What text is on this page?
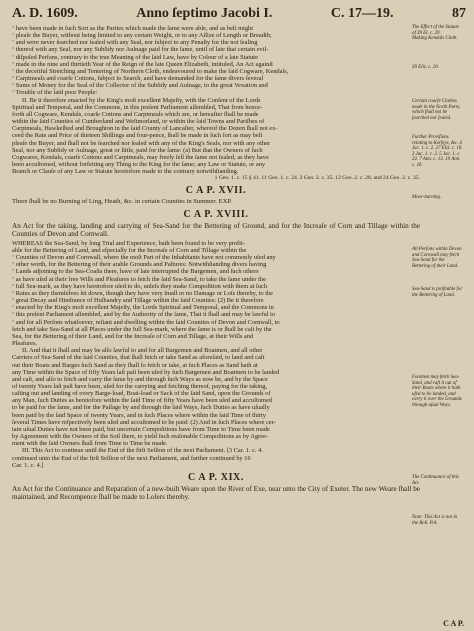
A. D. 1609.	Anno ſeptimo Jacobi I.	C. 17—19.	87
The Effect of the Statute of 39 El. c. 20.
Making Kendals Cloth.
39 Eliz. c. 20.
Certain coarſe Clothes made in the North Parts, which ſhall not be ſearched nor ſealed.
Further Proviſions relating to Kerſeys, &c. 4 Jac. 1. c. 2. 27 Eliz. c. 18. 3 Jac. 1. c. 2. 5 Jac. 1. c. 22. 7 Ann. c. 13. 10 Ann. c. 16.
Moor-burning.
All Perſons within Devon and Cornwall may fetch Sea-Sand for the Bettering of their Land.
Sea-Sand is profitable for the Bettering of Land.
Footmen may fetch Sea-Sand, and caſt it out of their Boats where it hath uſed to be landed, and carry it over the Grounds through uſual Ways.
The Continuance of this Act.
Note: This Act is not in the Roll. P.A.

ʻ have been made in ſuch Sort as the Parties which made the ſame were able, and as beſt might

ʻ pleaſe the Buyer, without being limited to any certain Weight, or to any Aſſize of Length or Breadth;

ʻ and were never ſearched nor ſealed with any Seal, nor ſubject to any Penalty for the not ſealing

ʻ thereof with any Seal, nor any Subſidy nor Aulnage paid for the ſame, until of late that certain evil-

ʻ diſpoſed Perſons, contrary to the true Meaning of the ſaid Law, have by Colour of a late Statute

ʻ made in the nine and thirtieth Year of the Reign of the late Queen Elizabeth, intituled, An Act againſt

ʻ the deceitful Stretching and Tentering of Northern Cloth, endeavoured to make the ſaid Cogware, Kendals,

ʻ Carptmeals and coarſe Cottons, ſubject to Search, and have demanded for the ſame divers ſeveral

ʻ Sums of Money for the Seal of the Collector of the Subſidy and Aulnage, to the great Vexation and

ʻ Trouble of the ſaid poor People:

II. Be it therefore enacted by the King's moſt excellent Majeſty, with the Conſent of the Lords

Spiritual and Temporal, and the Commons, in this preſent Parliament aſſembled, That from hence-

forth all Cogware, Kendals, coarſe Cottons and Carptmeals which are, or hereafter ſhall be made

within the ſaid Counties of Cumberland and Weſtmorland, or within the ſaid Towns and Pariſhes of

Carptmeals, Hawkeſhed and Broughton in the ſaid County of Lancaſter, whereof the Dozen ſhall not ex-

ceed the Rate and Price of thirteen Shillings and four-pence, ſhall be made in ſuch ſort as may beſt

pleaſe the Buyer, and ſhall not be ſearched nor ſealed with any of the King's Seals, nor with any other

Seal, nor any Subſidy or Aulnage, great or little, paid for the ſame: (a) But that the Owners of ſuch

Cogwares, Kendals, coarſe Cottons and Carptmeals, may freely ſell the ſame not ſealed, as they have

been accuſtomed, without forfeiting any Thing to the King for the ſame; any Law or Statute, or any

Branch or Clauſe of any Law or Statute heretofore made to the contrary notwithſtanding.

1 Geo. 1. c. 15 § 41. 11 Geo. 1. c. 24. 2 Geo. 2. c. 35. 12 Geo. 2. c. 28. and 24 Geo. 2. c. 35.

C A P. XVII.
There ſhall be no Burning of Ling, Heath, &c. in certain Counties in Summer. EXP.
C A P. XVIII.
An Act for the taking, landing and carrying of Sea-Sand for the Bettering of Ground, and for the Increaſe of Corn and Tillage within the Counties of Devon and Cornwall.

WHEREAS the Sea-Sand, by long Trial and Experience, hath been found to be very profit-

able for the Bettering of Land, and eſpecially for the Increaſe of Corn and Tillage within the

ʻ Counties of Devon and Cornwall, where the moſt Part of the Inhabitants have not commonly uſed any

ʻ other worth, for the Bettering of their arable Grounds and Paſtures: Notwithſtanding divers having

ʻ Lands adjoining to the Sea-Coaſts there, have of late interrupted the Bargemen, and ſuch others

ʻ as have uſed at their free Wills and Pleaſures to fetch the ſaid Sea-Sand, to take the ſame under the

ʻ full Sea-mark, as they have heretofore uſed to do, unleſs they make Compoſition with them at ſuch

ʻ Rates as they themſelves ſet down, though they have very ſmall or no Damage or Loſs thereby, to the

ʻ great Decay and Hindrance of Huſbandry and Tillage within the ſaid Counties: (2) Be it therefore

ʻ enacted by the King's moſt excellent Majeſty, the Lords Spiritual and Temporal, and the Commons in

ʻ this preſent Parliament aſſembled, and by the Authority of the ſame, That it ſhall and may be lawful to

ʻ and for all Perſons whatſoever, reſiant and dwelling within the ſaid Counties of Devon and Cornwall, to

fetch and take Sea-Sand at all Places under the full Sea-mark, where the ſame is or ſhall be caſt by the

Sea, for the Bettering of their Land, and for the Increaſe of Corn and Tillage, at their Wills and

Pleaſures.

II. And that it ſhall and may be alſo lawful to and for all Bargemen and Boatmen, and all other

Carriers of Sea-Sand of the ſaid Counties, that ſhall fetch or take Sand as aforeſaid, to land and caſt

out their Boats and Barges ſuch Sand as they ſhall ſo fetch or take, at ſuch Places as Sand hath at

any Time within the Space of fifty Years laſt paſt been uſed by ſuch Bargemen and Boatmen to be landed

and caſt, and alſo to fetch and carry the ſame by and through ſuch Ways as now be, and by the Space

of twenty Years laſt paſt have been, uſed for the carrying and fetching thereof, paying for the taking,

caſting out and landing of every Barge-load, Boat-load or Sack of the ſaid Sand, upon the Grounds of

any Man, ſuch Duties as heretofore within the ſaid Time of fifty Years have been uſed and accuſtomed

to be paid for the ſame, and for the Paſſage by and through the ſaid Ways, ſuch Duties as have uſually

been paid by the ſaid Space of twenty Years, and in ſuch Places where within the ſaid Time of thirty

ſeveral Times have reſpectively been uſed and accuſtomed to be paid: (2) And in ſuch Places where cer-

tain uſual Duties have not been paid, but uncertain Compoſitions have from Time to Time been made

by Agreement with the Owners of the Soil there, to yield ſuch reaſonable Compoſitions as by Agree-

ment with the ſaid Owners ſhall from Time to Time be made.

III. This Act to continue until the End of the firſt Seſſion of the next Parliament. [3 Car. 1. c. 4.

continued unto the End of the firſt Seſſion of the next Parliament, and farther continued by 16

Car. 1. c. 4.]

C A P. XIX.
An Act for the Continuance and Reparation of a new-built Weare upon the River of Exe, near unto the City of Exeter. The new Weare ſhall be maintained, and Recompence ſhall be made to Loſers thereby.
C A P.
